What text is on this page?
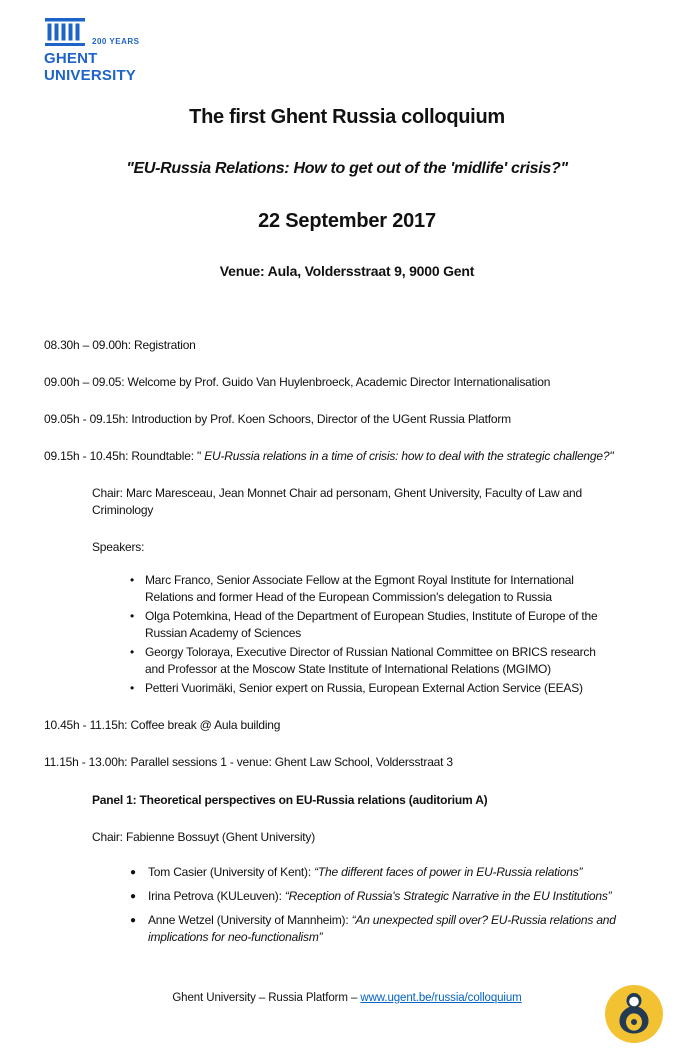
200 YEARS
GHENT
UNIVERSITY
The first Ghent Russia colloquium
"EU-Russia Relations: How to get out of the 'midlife' crisis?"
22 September 2017
Venue: Aula, Voldersstraat 9, 9000 Gent

08.30h – 09.00h: Registration

09.00h – 09.05: Welcome by Prof. Guido Van Huylenbroeck, Academic Director Internationalisation

09.05h - 09.15h: Introduction by Prof. Koen Schoors, Director of the UGent Russia Platform

09.15h - 10.45h: Roundtable: " EU-Russia relations in a time of crisis: how to deal with the strategic challenge?"

Chair: Marc Maresceau, Jean Monnet Chair ad personam, Ghent University, Faculty of Law and Criminology

Speakers:

• Marc Franco, Senior Associate Fellow at the Egmont Royal Institute for International Relations and former Head of the European Commission's delegation to Russia
• Olga Potemkina, Head of the Department of European Studies, Institute of Europe of the Russian Academy of Sciences
• Georgy Toloraya, Executive Director of Russian National Committee on BRICS research and Professor at the Moscow State Institute of International Relations (MGIMO)
• Petteri Vuorimäki, Senior expert on Russia, European External Action Service (EEAS)

10.45h - 11.15h: Coffee break @ Aula building

11.15h - 13.00h: Parallel sessions 1 - venue: Ghent Law School, Voldersstraat 3

Panel 1: Theoretical perspectives on EU-Russia relations (auditorium A)

Chair: Fabienne Bossuyt (Ghent University)

● Tom Casier (University of Kent): “The different faces of power in EU-Russia relations”
● Irina Petrova (KULeuven): “Reception of Russia's Strategic Narrative in the EU Institutions”
● Anne Wetzel (University of Mannheim): “An unexpected spill over? EU-Russia relations and implications for neo-functionalism”
Ghent University – Russia Platform – www.ugent.be/russia/colloquium
